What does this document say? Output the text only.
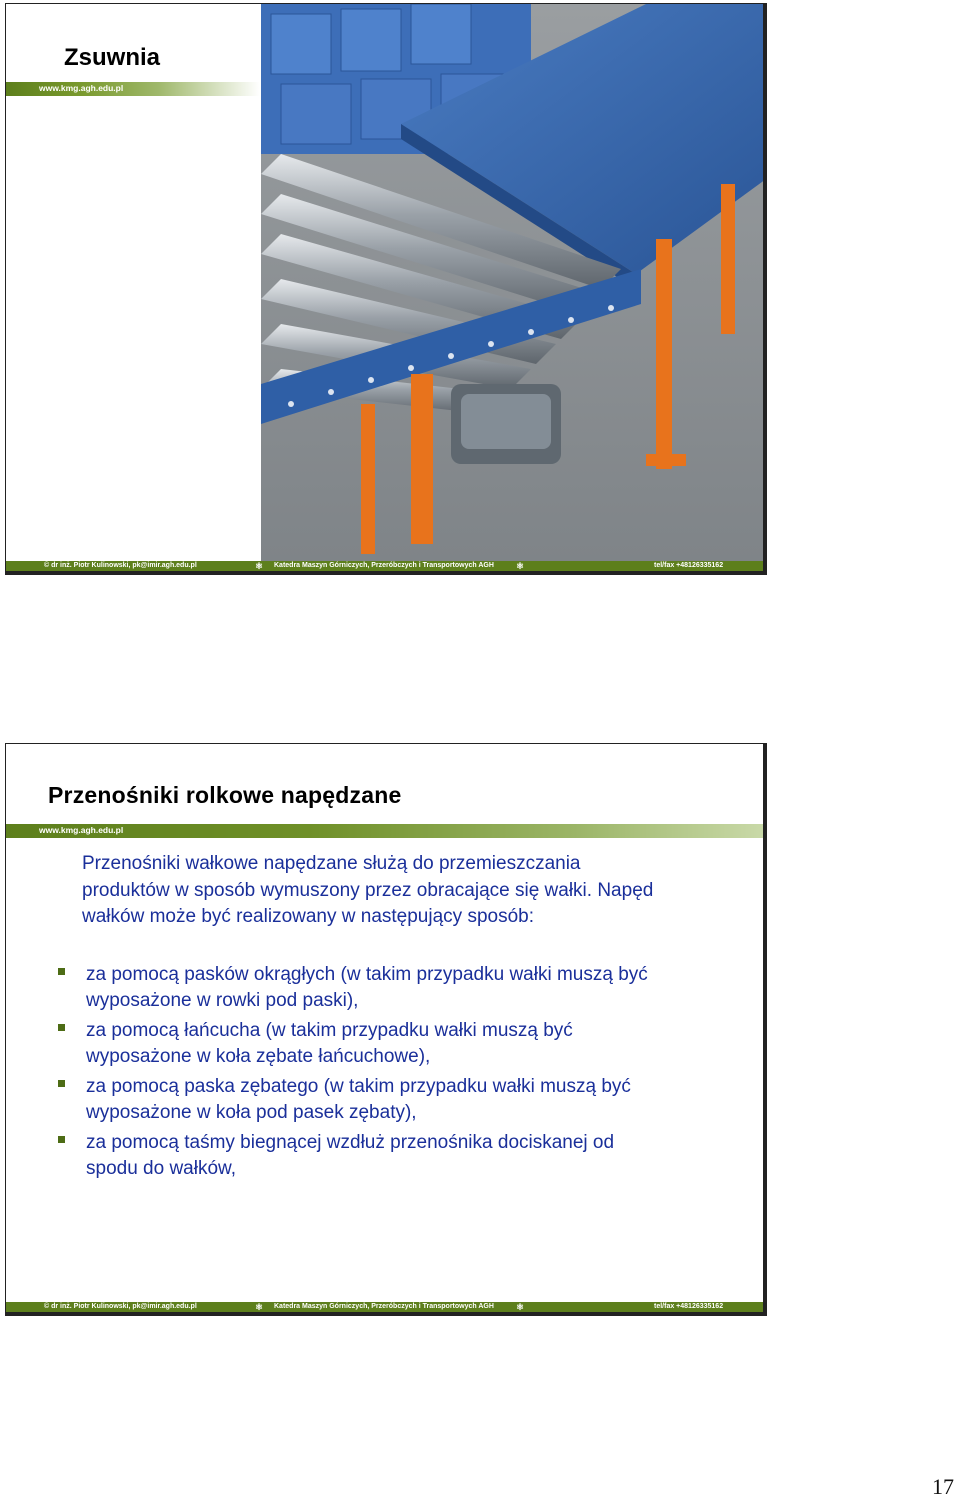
Zsuwnia
www.kmg.agh.edu.pl
© dr inż. Piotr Kulinowski, pk@imir.agh.edu.pl	⚛ Katedra Maszyn Górniczych, Przeróbczych i Transportowych AGH ⚛	tel/fax +48126335162
Przenośniki rolkowe napędzane
www.kmg.agh.edu.pl
Przenośniki wałkowe napędzane służą do przemieszczania
produktów w sposób wymuszony przez obracające się wałki. Napęd
wałków może być realizowany w następujący sposób:
za pomocą pasków okrągłych (w takim przypadku wałki muszą być
wyposażone w rowki pod paski),
za pomocą łańcucha (w takim przypadku wałki muszą być
wyposażone w koła zębate łańcuchowe),
za pomocą paska zębatego (w takim przypadku wałki muszą być
wyposażone w koła pod pasek zębaty),
za pomocą taśmy biegnącej wzdłuż przenośnika dociskanej od
spodu do wałków,
© dr inż. Piotr Kulinowski, pk@imir.agh.edu.pl	⚛ Katedra Maszyn Górniczych, Przeróbczych i Transportowych AGH ⚛	tel/fax +48126335162
17
